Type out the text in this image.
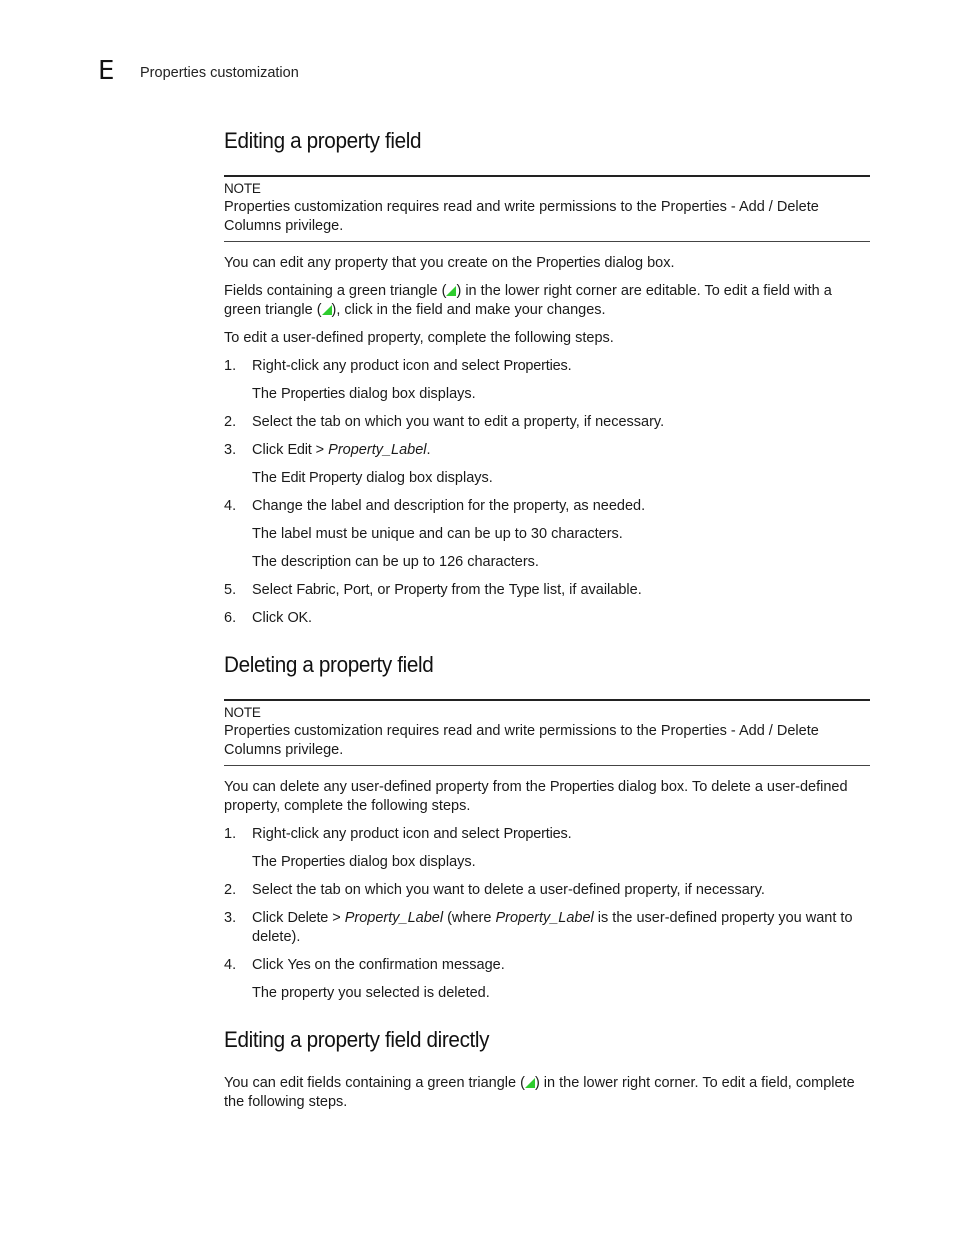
E Properties customization
Editing a property field
NOTE

Properties customization requires read and write permissions to the Properties - Add / Delete Columns privilege.

You can edit any property that you create on the Properties dialog box.

Fields containing a green triangle ( ) in the lower right corner are editable. To edit a field with a green triangle ( ), click in the field and make your changes.

To edit a user-defined property, complete the following steps.

1. Right-click any product icon and select Properties.

The Properties dialog box displays.

2. Select the tab on which you want to edit a property, if necessary.
3. Click Edit > Property_Label.

The Edit Property dialog box displays.

4. Change the label and description for the property, as needed.

The label must be unique and can be up to 30 characters.

The description can be up to 126 characters.

5. Select Fabric, Port, or Property from the Type list, if available.
6. Click OK.
Deleting a property field
NOTE

Properties customization requires read and write permissions to the Properties - Add / Delete Columns privilege.

You can delete any user-defined property from the Properties dialog box. To delete a user-defined property, complete the following steps.

1. Right-click any product icon and select Properties.

The Properties dialog box displays.

2. Select the tab on which you want to delete a user-defined property, if necessary.
3. Click Delete > Property_Label (where Property_Label is the user-defined property you want to delete).
4. Click Yes on the confirmation message.

The property you selected is deleted.

Editing a property field directly

You can edit fields containing a green triangle ( ) in the lower right corner. To edit a field, complete the following steps.
